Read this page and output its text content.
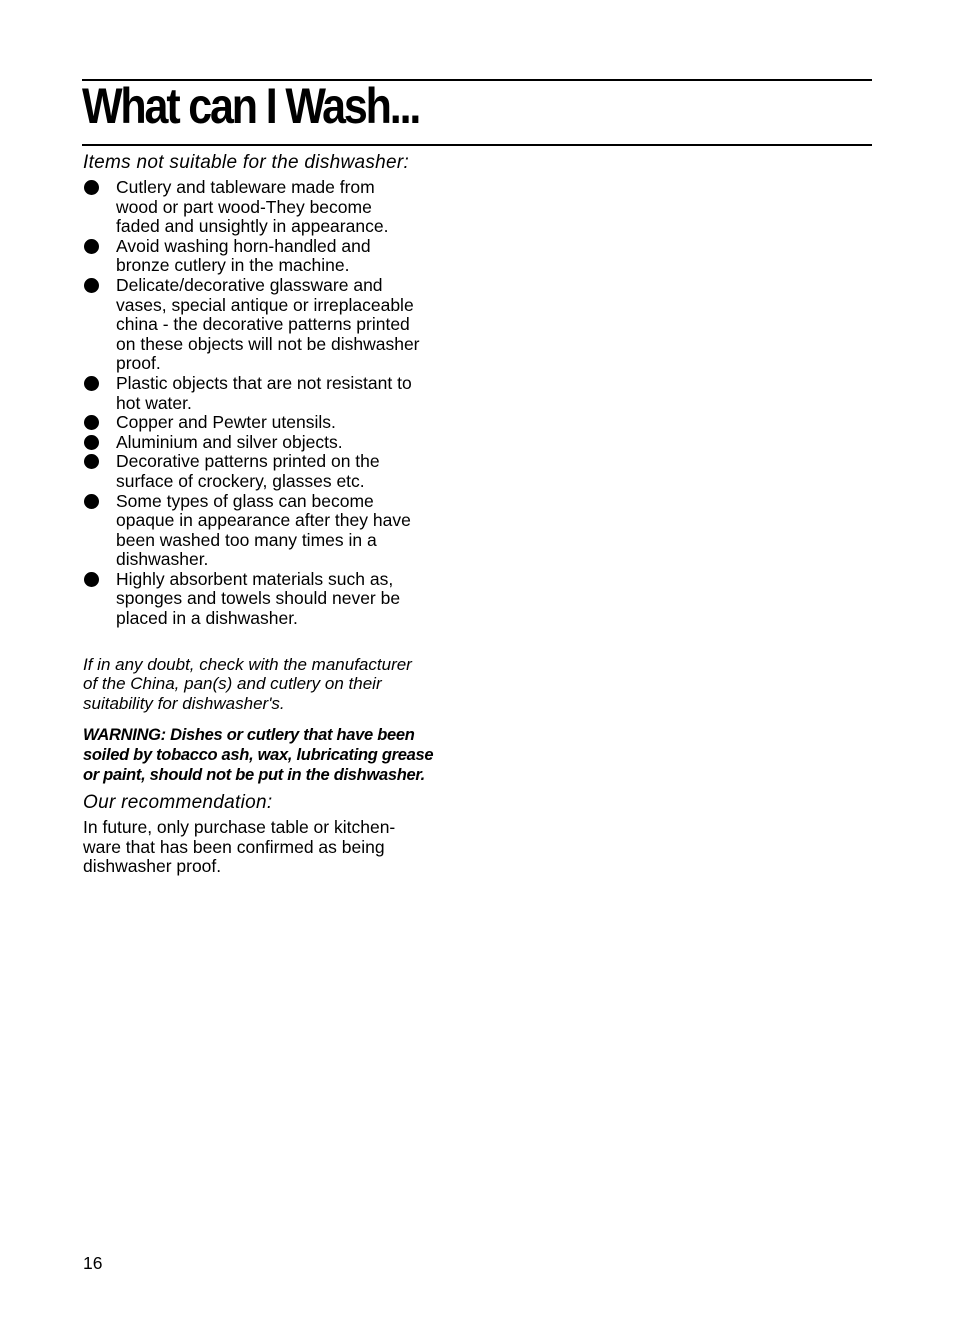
What can I Wash...
Items not suitable for the dishwasher:
Cutlery and tableware made from
wood or part wood-They become
faded and unsightly in appearance.
Avoid washing horn-handled and
bronze cutlery in the machine.
Delicate/decorative glassware and
vases, special antique or irreplaceable
china - the decorative patterns printed
on these objects will not be dishwasher
proof.
Plastic objects that are not resistant to
hot water.
Copper and Pewter utensils.
Aluminium and silver objects.
Decorative patterns printed on the
surface of crockery, glasses etc.
Some types of glass can become
opaque in appearance after they have
been washed too many times in a
dishwasher.
Highly absorbent materials such as,
sponges and towels should never be
placed in a dishwasher.

If in any doubt, check with the manufacturer
of the China, pan(s) and cutlery on their
suitability for dishwasher's.

WARNING: Dishes or cutlery that have been
soiled by tobacco ash, wax, lubricating grease
or paint, should not be put in the dishwasher.

Our recommendation:

In future, only purchase table or kitchen-
ware that has been confirmed as being
dishwasher proof.

16
